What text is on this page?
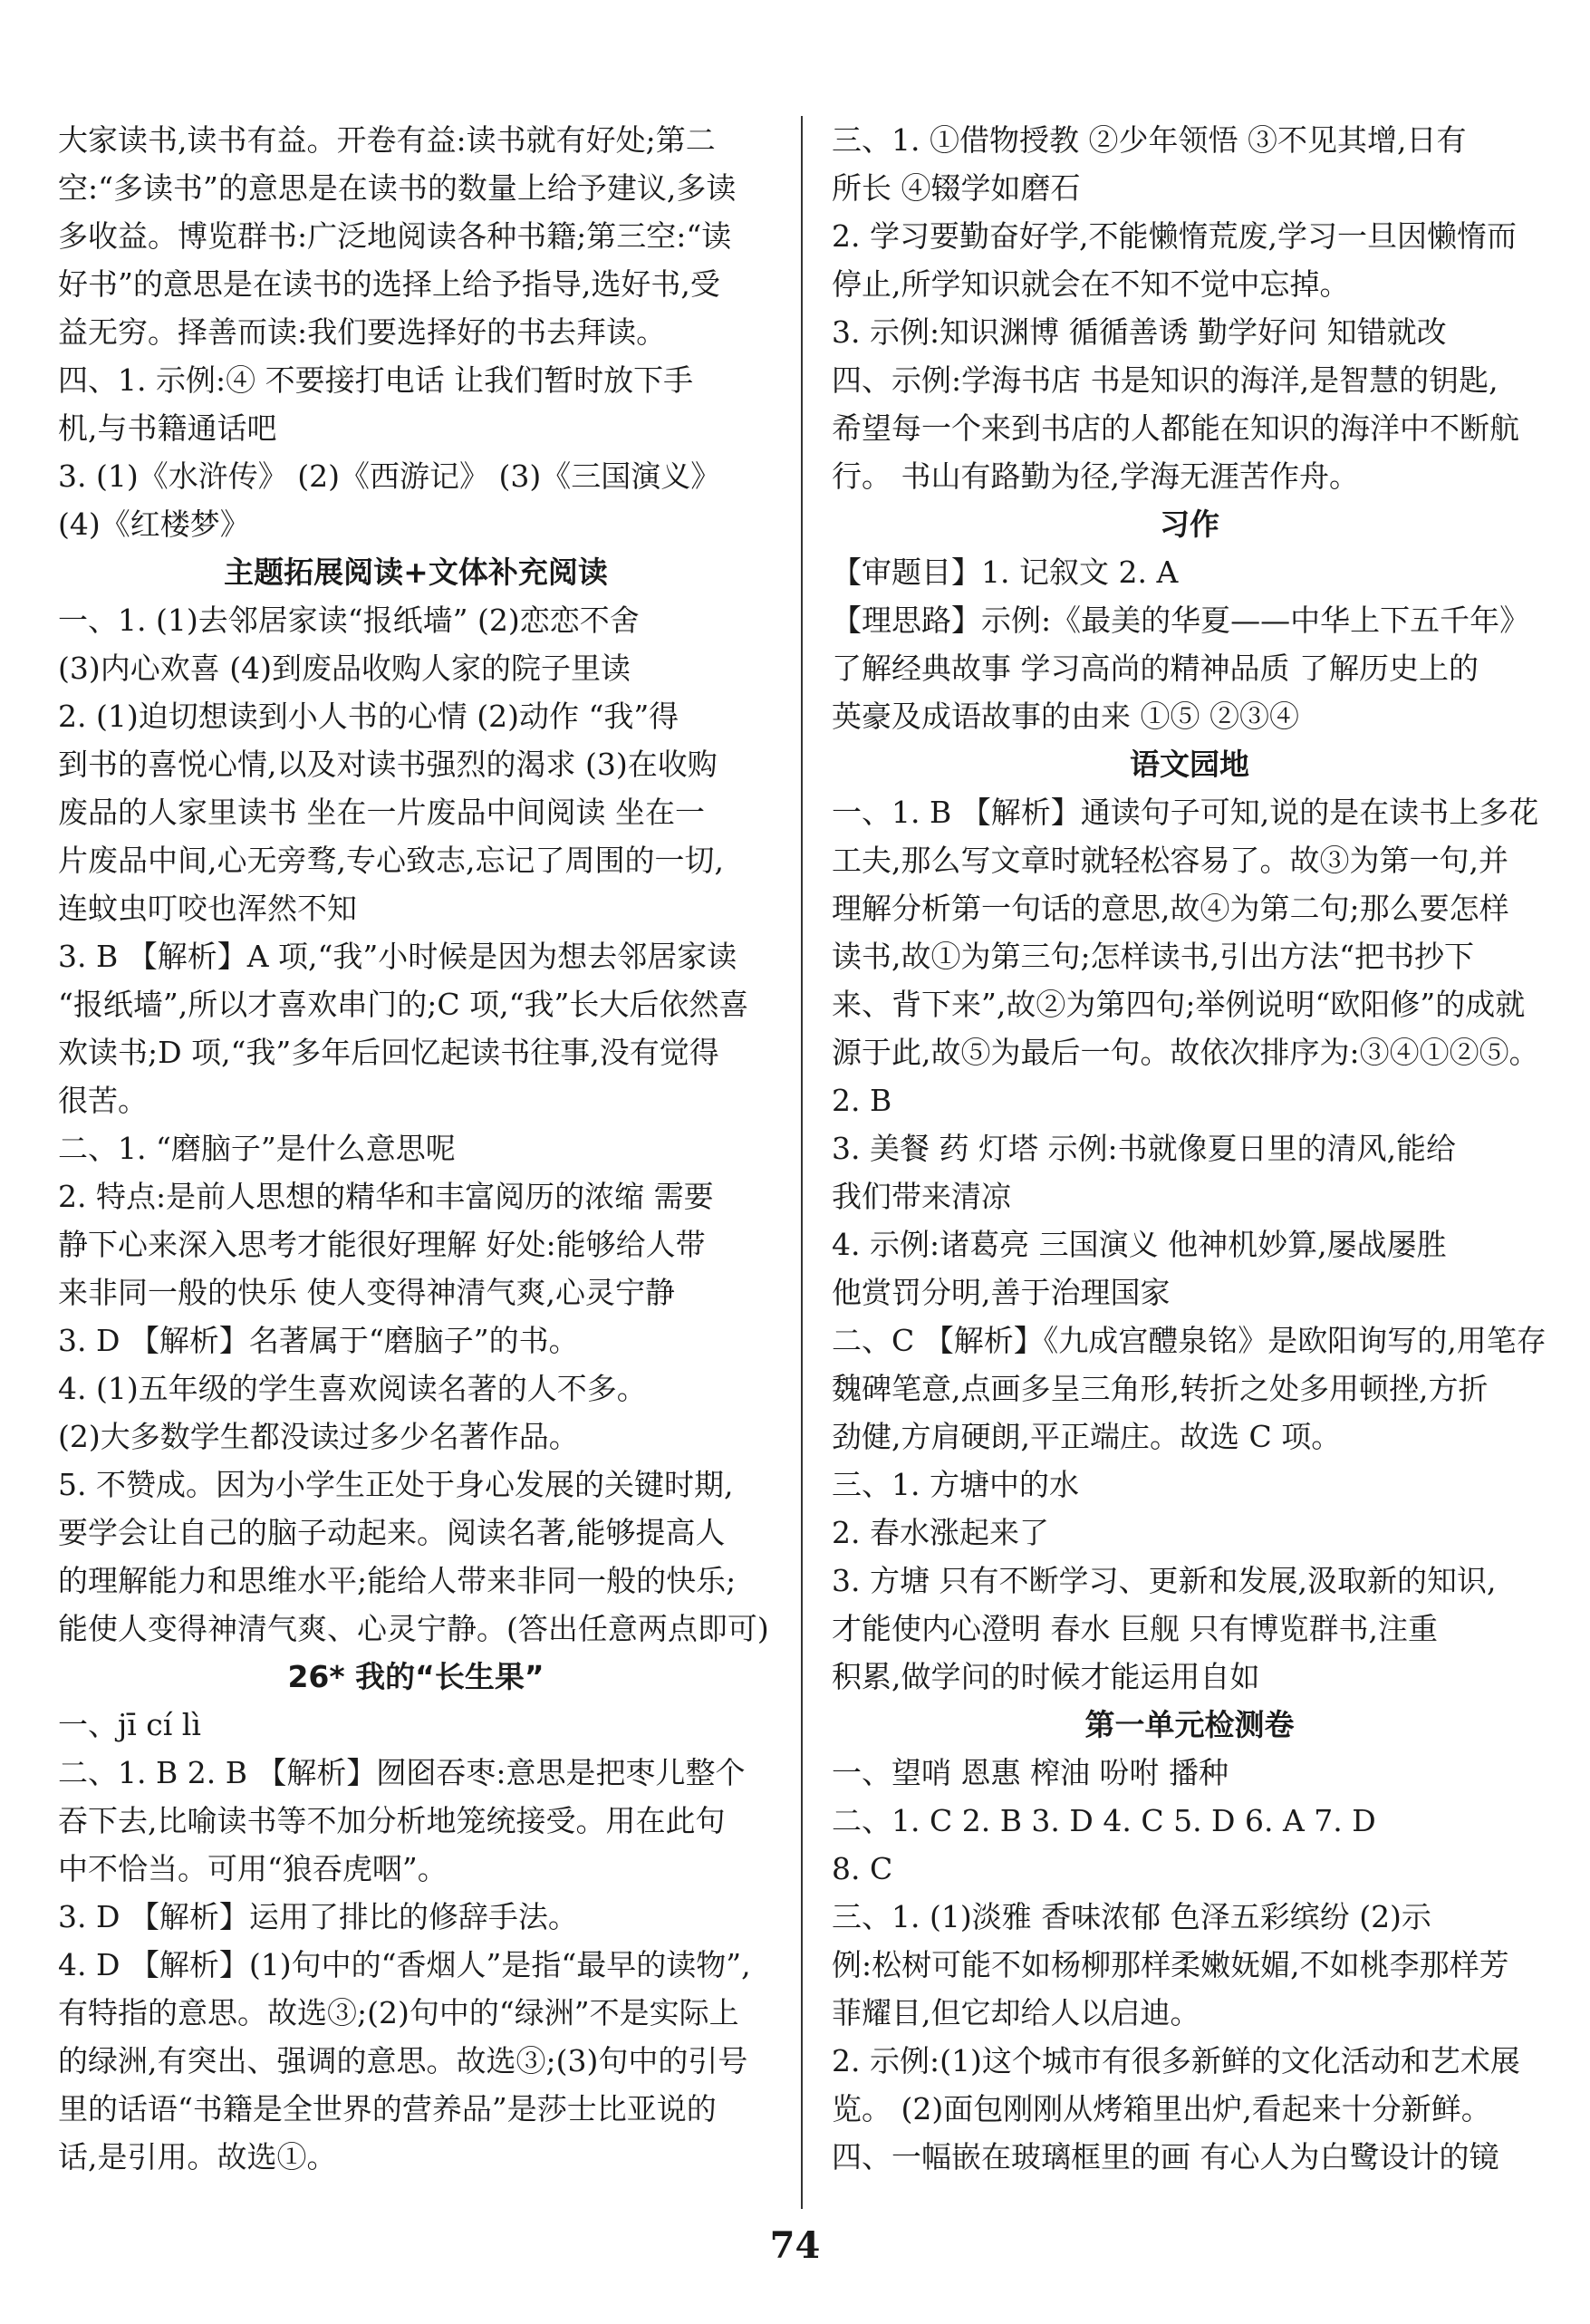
大家读书,读书有益。开卷有益:读书就有好处;第二
空:“多读书”的意思是在读书的数量上给予建议,多读
多收益。博览群书:广泛地阅读各种书籍;第三空:“读
好书”的意思是在读书的选择上给予指导,选好书,受
益无穷。择善而读:我们要选择好的书去拜读。
四、1. 示例:④ 不要接打电话 让我们暂时放下手
机,与书籍通话吧
3. (1)《水浒传》 (2)《西游记》 (3)《三国演义》
(4)《红楼梦》
主题拓展阅读+文体补充阅读
一、1. (1)去邻居家读“报纸墙” (2)恋恋不舍
(3)内心欢喜 (4)到废品收购人家的院子里读
2. (1)迫切想读到小人书的心情 (2)动作 “我”得
到书的喜悦心情,以及对读书强烈的渴求 (3)在收购
废品的人家里读书 坐在一片废品中间阅读 坐在一
片废品中间,心无旁骛,专心致志,忘记了周围的一切,
连蚊虫叮咬也浑然不知
3. B 【解析】A 项,“我”小时候是因为想去邻居家读
“报纸墙”,所以才喜欢串门的;C 项,“我”长大后依然喜
欢读书;D 项,“我”多年后回忆起读书往事,没有觉得
很苦。
二、1. “磨脑子”是什么意思呢
2. 特点:是前人思想的精华和丰富阅历的浓缩 需要
静下心来深入思考才能很好理解 好处:能够给人带
来非同一般的快乐 使人变得神清气爽,心灵宁静
3. D 【解析】名著属于“磨脑子”的书。
4. (1)五年级的学生喜欢阅读名著的人不多。
(2)大多数学生都没读过多少名著作品。
5. 不赞成。因为小学生正处于身心发展的关键时期,
要学会让自己的脑子动起来。阅读名著,能够提高人
的理解能力和思维水平;能给人带来非同一般的快乐;
能使人变得神清气爽、心灵宁静。(答出任意两点即可)
26* 我的“长生果”
一、jī cí lì
二、1. B 2. B 【解析】囫囵吞枣:意思是把枣儿整个
吞下去,比喻读书等不加分析地笼统接受。用在此句
中不恰当。可用“狼吞虎咽”。
3. D 【解析】运用了排比的修辞手法。
4. D 【解析】(1)句中的“香烟人”是指“最早的读物”,
有特指的意思。故选③;(2)句中的“绿洲”不是实际上
的绿洲,有突出、强调的意思。故选③;(3)句中的引号
里的话语“书籍是全世界的营养品”是莎士比亚说的
话,是引用。故选①。
三、1. ①借物授教 ②少年领悟 ③不见其增,日有
所长 ④辍学如磨石
2. 学习要勤奋好学,不能懒惰荒废,学习一旦因懒惰而
停止,所学知识就会在不知不觉中忘掉。
3. 示例:知识渊博 循循善诱 勤学好问 知错就改
四、示例:学海书店 书是知识的海洋,是智慧的钥匙,
希望每一个来到书店的人都能在知识的海洋中不断航
行。 书山有路勤为径,学海无涯苦作舟。
习作
【审题目】1. 记叙文 2. A
【理思路】示例:《最美的华夏——中华上下五千年》
了解经典故事 学习高尚的精神品质 了解历史上的
英豪及成语故事的由来 ①⑤ ②③④
语文园地
一、1. B 【解析】通读句子可知,说的是在读书上多花
工夫,那么写文章时就轻松容易了。故③为第一句,并
理解分析第一句话的意思,故④为第二句;那么要怎样
读书,故①为第三句;怎样读书,引出方法“把书抄下
来、背下来”,故②为第四句;举例说明“欧阳修”的成就
源于此,故⑤为最后一句。故依次排序为:③④①②⑤。
2. B
3. 美餐 药 灯塔 示例:书就像夏日里的清风,能给
我们带来清凉
4. 示例:诸葛亮 三国演义 他神机妙算,屡战屡胜
他赏罚分明,善于治理国家
二、C 【解析】《九成宫醴泉铭》是欧阳询写的,用笔存
魏碑笔意,点画多呈三角形,转折之处多用顿挫,方折
劲健,方肩硬朗,平正端庄。故选 C 项。
三、1. 方塘中的水
2. 春水涨起来了
3. 方塘 只有不断学习、更新和发展,汲取新的知识,
才能使内心澄明 春水 巨舰 只有博览群书,注重
积累,做学问的时候才能运用自如
第一单元检测卷
一、望哨 恩惠 榨油 吩咐 播种
二、1. C 2. B 3. D 4. C 5. D 6. A 7. D
8. C
三、1. (1)淡雅 香味浓郁 色泽五彩缤纷 (2)示
例:松树可能不如杨柳那样柔嫩妩媚,不如桃李那样芳
菲耀目,但它却给人以启迪。
2. 示例:(1)这个城市有很多新鲜的文化活动和艺术展
览。 (2)面包刚刚从烤箱里出炉,看起来十分新鲜。
四、一幅嵌在玻璃框里的画 有心人为白鹭设计的镜
74
